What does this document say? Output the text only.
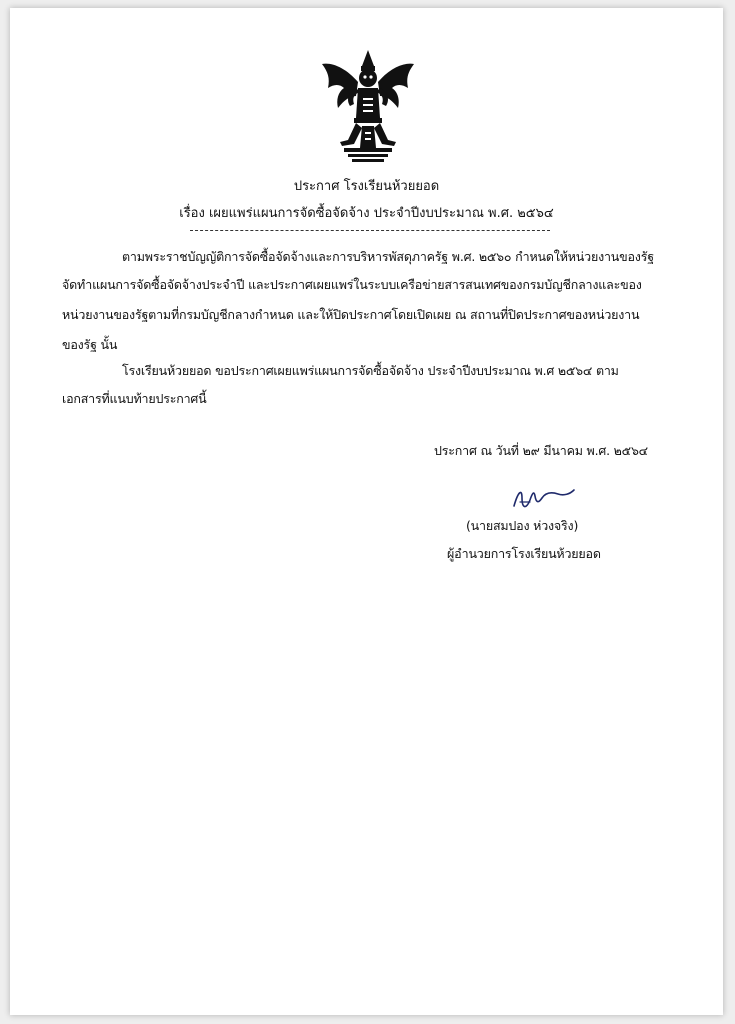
ประกาศ โรงเรียนห้วยยอด
เรื่อง เผยแพร่แผนการจัดซื้อจัดจ้าง ประจำปีงบประมาณ พ.ศ. ๒๕๖๔
ตามพระราชบัญญัติการจัดซื้อจัดจ้างและการบริหารพัสดุภาครัฐ พ.ศ. ๒๕๖๐ กำหนดให้หน่วยงานของรัฐ
จัดทำแผนการจัดซื้อจัดจ้างประจำปี และประกาศเผยแพร่ในระบบเครือข่ายสารสนเทศของกรมบัญชีกลางและของ
หน่วยงานของรัฐตามที่กรมบัญชีกลางกำหนด และให้ปิดประกาศโดยเปิดเผย ณ สถานที่ปิดประกาศของหน่วยงาน
ของรัฐ นั้น
โรงเรียนห้วยยอด ขอประกาศเผยแพร่แผนการจัดซื้อจัดจ้าง ประจำปีงบประมาณ พ.ศ ๒๕๖๔ ตาม
เอกสารที่แนบท้ายประกาศนี้
ประกาศ ณ วันที่ ๒๙ มีนาคม พ.ศ. ๒๕๖๔
(นายสมปอง ห่วงจริง)
ผู้อำนวยการโรงเรียนห้วยยอด
